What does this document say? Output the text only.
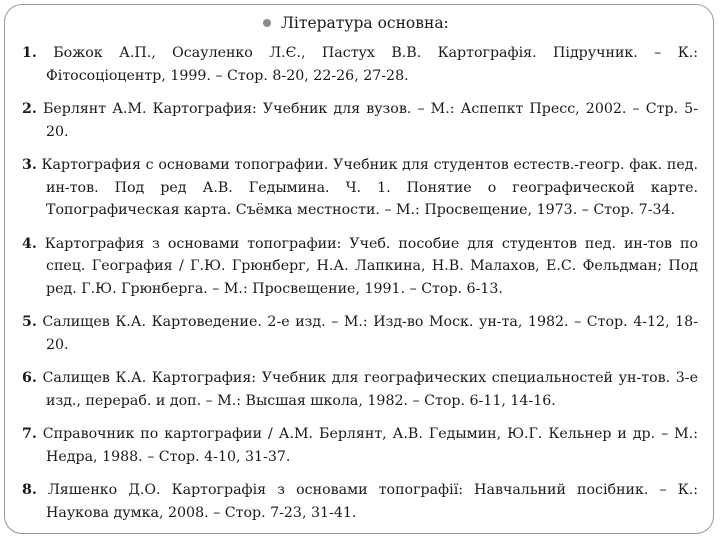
Література основна:
1. Божок А.П., Осауленко Л.Є., Пастух В.В. Картографія. Підручник. – К.: Фітосоціоцентр, 1999. – Стор. 8-20, 22-26, 27-28.
2. Берлянт А.М. Картография: Учебник для вузов. – М.: Аспепкт Пресс, 2002. – Стр. 5-20.
3. Картография с основами топографии. Учебник для студентов естеств.-геогр. фак. пед. ин-тов. Под ред А.В. Гедымина. Ч. 1. Понятие о географической карте. Топографическая карта. Съёмка местности. – М.: Просвещение, 1973. – Стор. 7-34.
4. Картография з основами топографии: Учеб. пособие для студентов пед. ин-тов по спец. География / Г.Ю. Грюнберг, Н.А. Лапкина, Н.В. Малахов, Е.С. Фельдман; Под ред. Г.Ю. Грюнберга. – М.: Просвещение, 1991. – Стор. 6-13.
5. Салищев К.А. Картоведение. 2-е изд. – М.: Изд-во Моск. ун-та, 1982. – Стор. 4-12, 18-20.
6. Салищев К.А. Картография: Учебник для географических специальностей ун-тов. 3-е изд., перераб. и доп. – М.: Высшая школа, 1982. – Стор. 6-11, 14-16.
7. Справочник по картографии / А.М. Берлянт, А.В. Гедымин, Ю.Г. Кельнер и др. – М.: Недра, 1988. – Стор. 4-10, 31-37.
8. Ляшенко Д.О. Картографія з основами топографії: Навчальний посібник. – К.: Наукова думка, 2008. – Стор. 7-23, 31-41.
